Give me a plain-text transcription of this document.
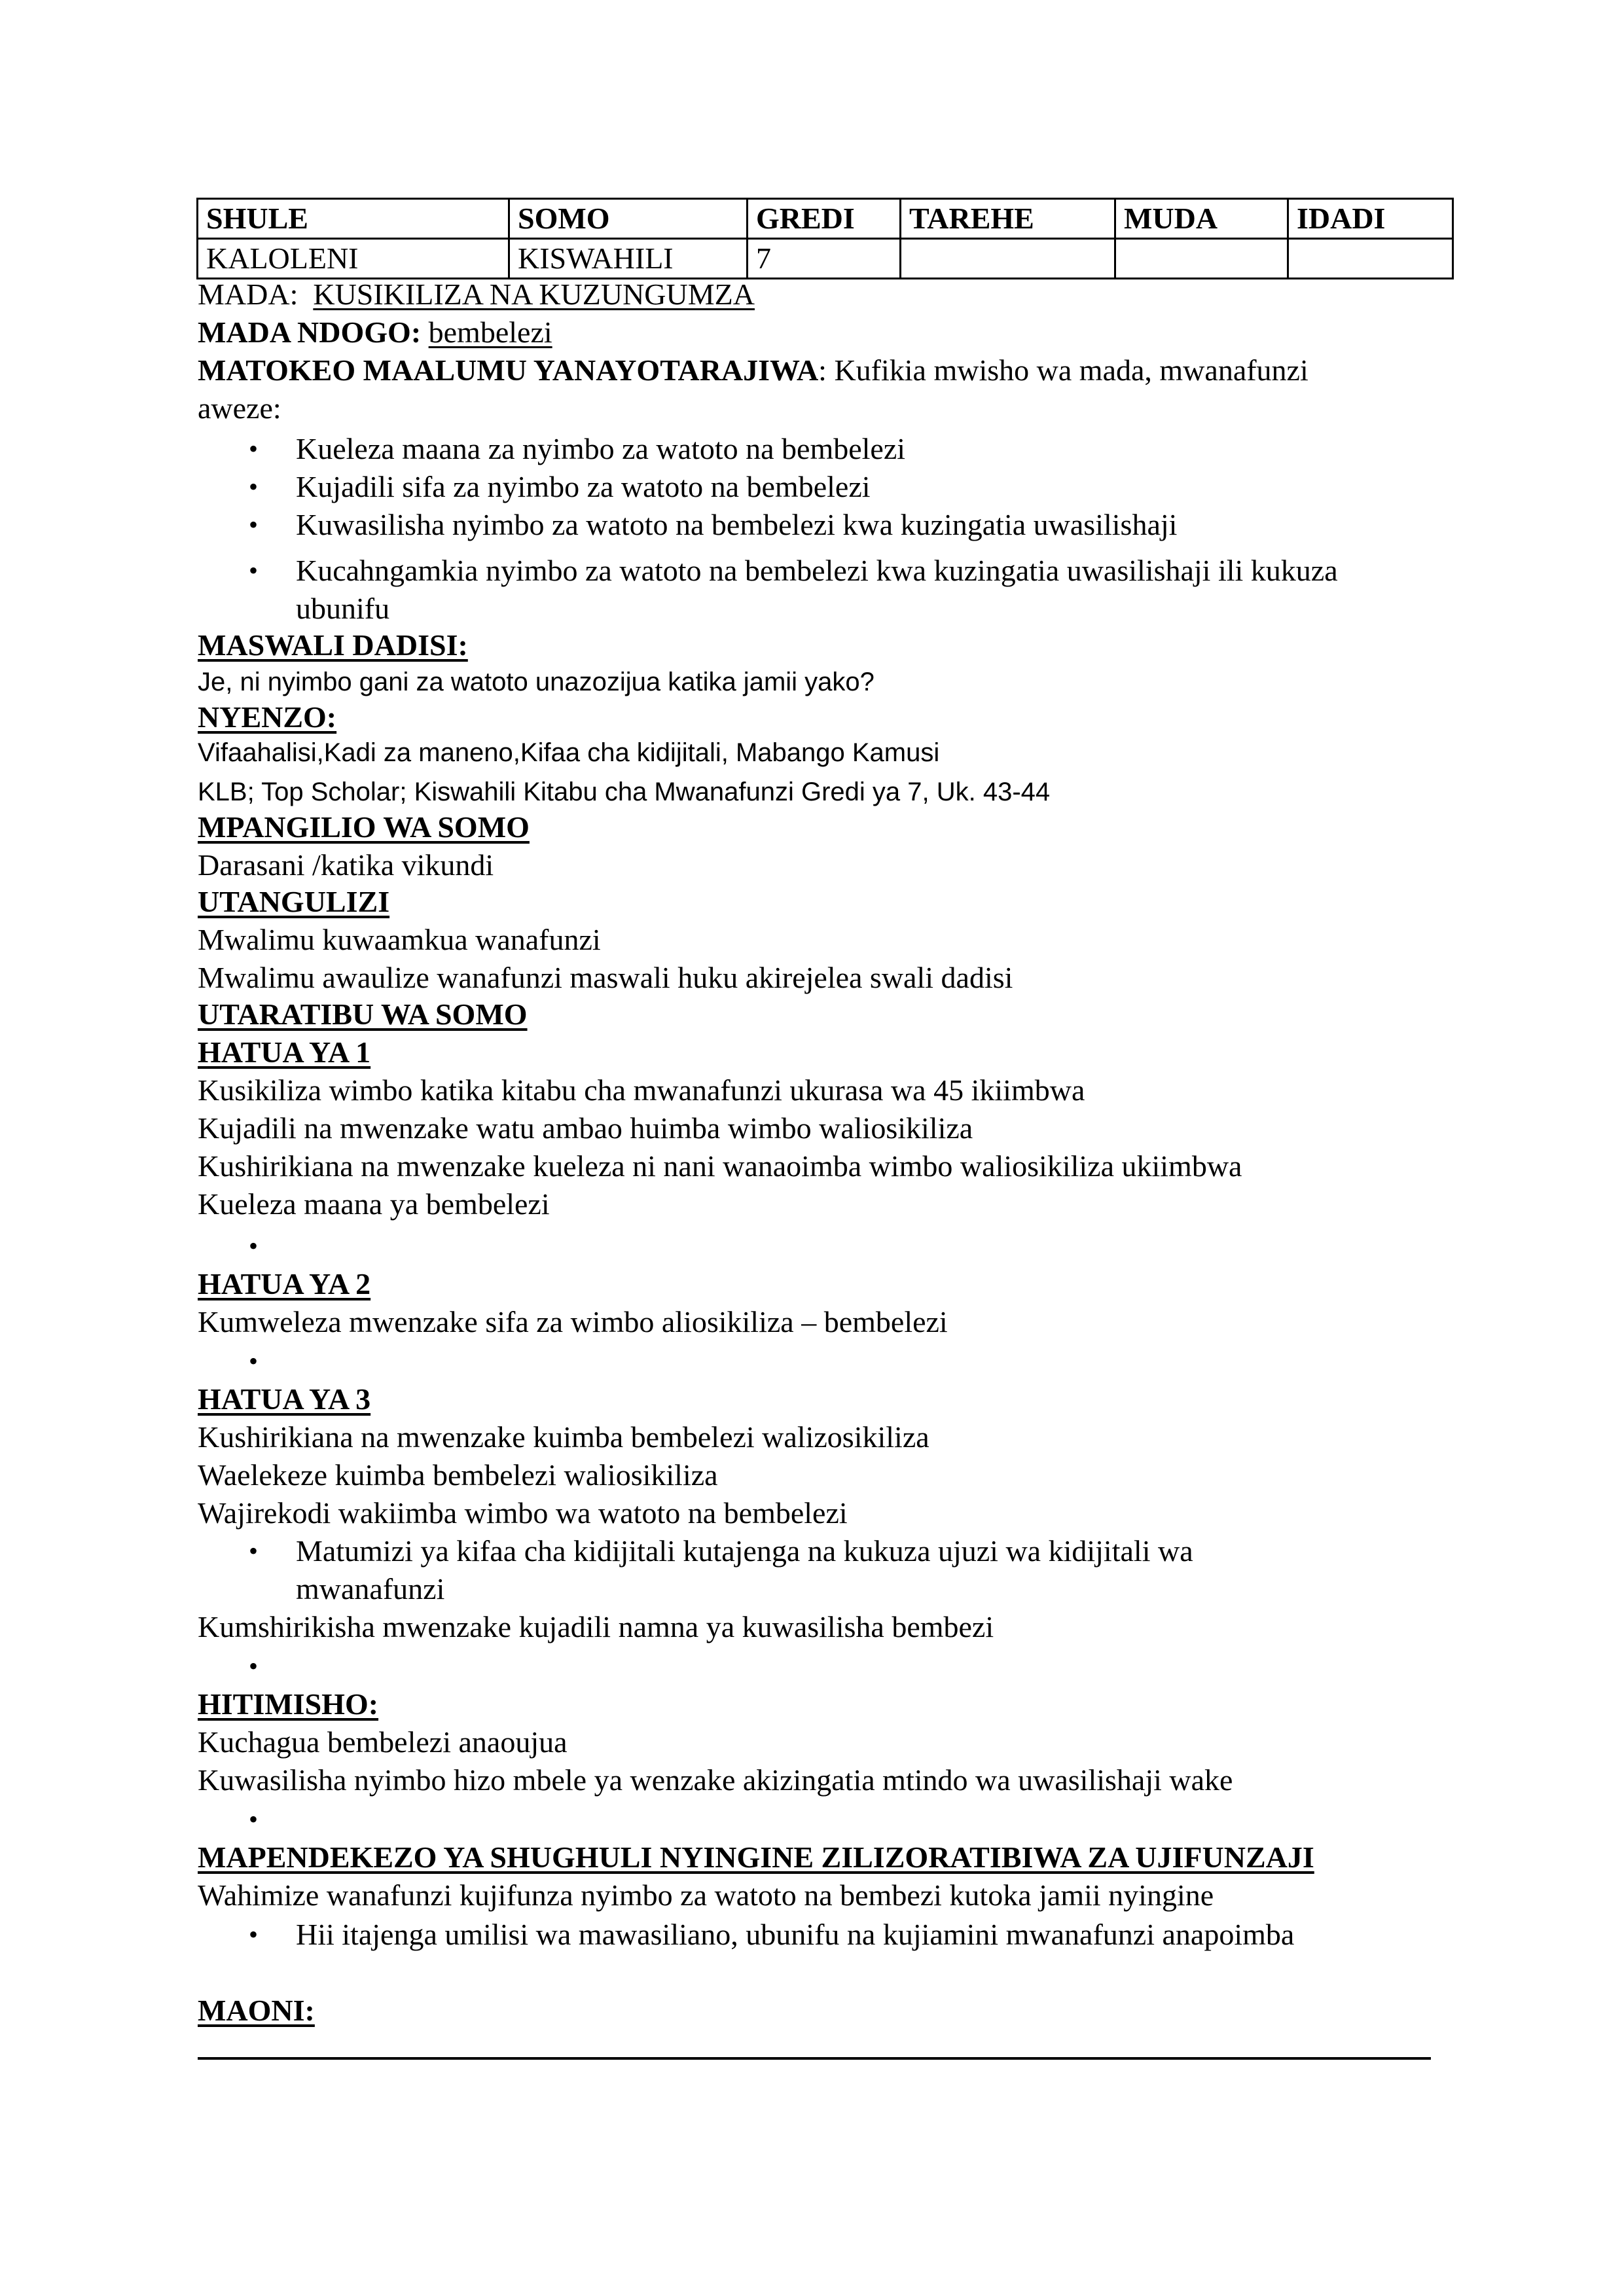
SHULE	SOMO	GREDI	TAREHE	MUDA	IDADI
KALOLENI	KISWAHILI	7			
MADA:  KUSIKILIZA NA KUZUNGUMZA
MADA NDOGO: bembelezi
MATOKEO MAALUMU YANAYOTARAJIWA: Kufikia mwisho wa mada, mwanafunzi
aweze:
• Kueleza maana za nyimbo za watoto na bembelezi
• Kujadili sifa za nyimbo za watoto na bembelezi
• Kuwasilisha nyimbo za watoto na bembelezi kwa kuzingatia uwasilishaji
• Kucahngamkia nyimbo za watoto na bembelezi kwa kuzingatia uwasilishaji ili kukuza
ubunifu
MASWALI DADISI:
Je, ni nyimbo gani za watoto unazozijua katika jamii yako?
NYENZO:
Vifaahalisi,Kadi za maneno,Kifaa cha kidijitali, Mabango Kamusi
KLB; Top Scholar; Kiswahili Kitabu cha Mwanafunzi Gredi ya 7, Uk. 43-44
MPANGILIO WA SOMO
Darasani /katika vikundi
UTANGULIZI
Mwalimu kuwaamkua wanafunzi
Mwalimu awaulize wanafunzi maswali huku akirejelea swali dadisi
UTARATIBU WA SOMO
HATUA YA 1
Kusikiliza wimbo katika kitabu cha mwanafunzi ukurasa wa 45 ikiimbwa
Kujadili na mwenzake watu ambao huimba wimbo waliosikiliza
Kushirikiana na mwenzake kueleza ni nani wanaoimba wimbo waliosikiliza ukiimbwa
Kueleza maana ya bembelezi
•
HATUA YA 2
Kumweleza mwenzake sifa za wimbo aliosikiliza – bembelezi
•
HATUA YA 3
Kushirikiana na mwenzake kuimba bembelezi walizosikiliza
Waelekeze kuimba bembelezi waliosikiliza
Wajirekodi wakiimba wimbo wa watoto na bembelezi
• Matumizi ya kifaa cha kidijitali kutajenga na kukuza ujuzi wa kidijitali wa
mwanafunzi
Kumshirikisha mwenzake kujadili namna ya kuwasilisha bembezi
•
HITIMISHO:
Kuchagua bembelezi anaoujua
Kuwasilisha nyimbo hizo mbele ya wenzake akizingatia mtindo wa uwasilishaji wake
•
MAPENDEKEZO YA SHUGHULI NYINGINE ZILIZORATIBIWA ZA UJIFUNZAJI
Wahimize wanafunzi kujifunza nyimbo za watoto na bembezi kutoka jamii nyingine
• Hii itajenga umilisi wa mawasiliano, ubunifu na kujiamini mwanafunzi anapoimba
MAONI:
